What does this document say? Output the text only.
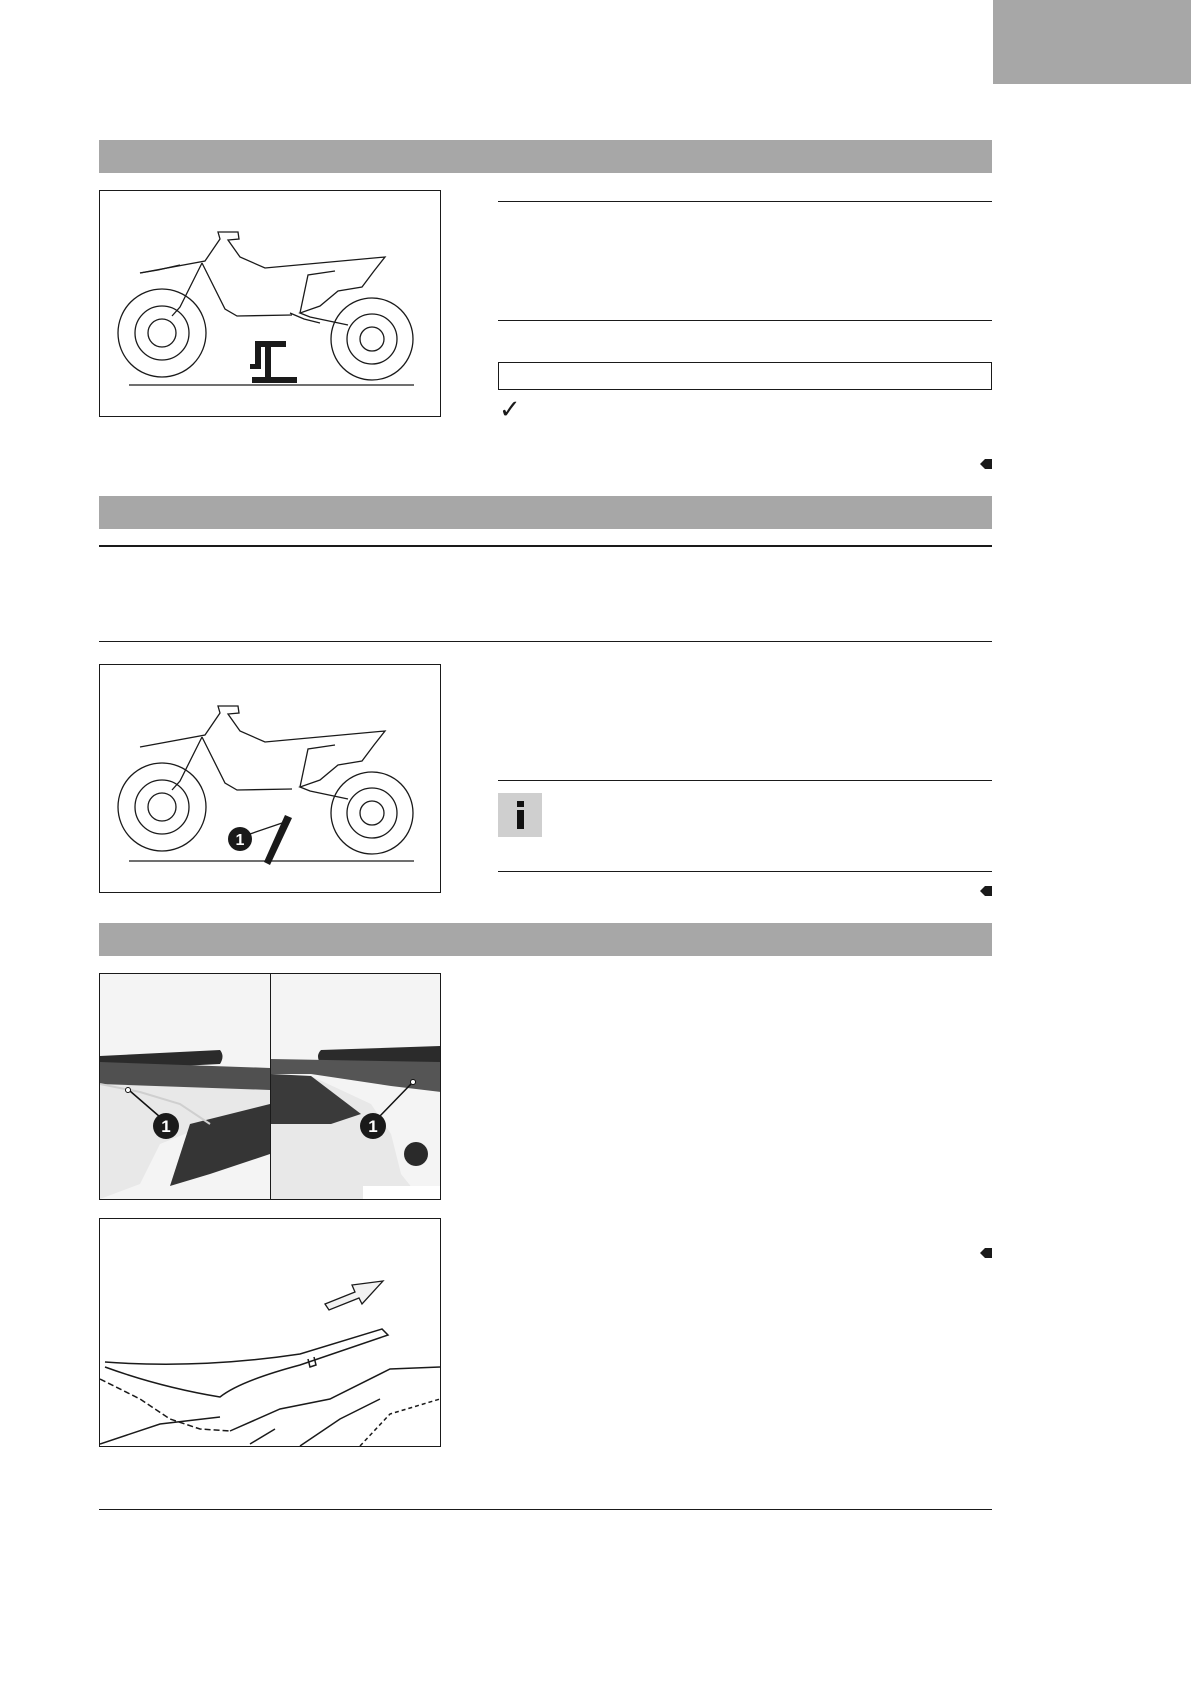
✓
1
1	1
